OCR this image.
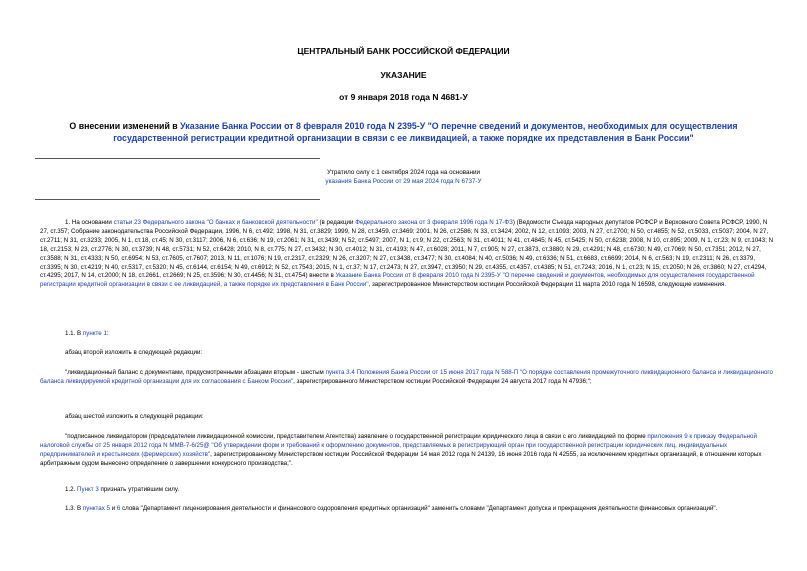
ЦЕНТРАЛЬНЫЙ БАНК РОССИЙСКОЙ ФЕДЕРАЦИИ
УКАЗАНИЕ
от 9 января 2018 года N 4681-У
О внесении изменений в Указание Банка России от 8 февраля 2010 года N 2395-У "О перечне сведений и документов, необходимых для осуществления государственной регистрации кредитной организации в связи с ее ликвидацией, а также порядке их представления в Банк России"
Утратило силу с 1 сентября 2024 года на основании
указания Банка России от 29 мая 2024 года N 6737-У
1. На основании статьи 23 Федерального закона "О банках и банковской деятельности" (в редакции Федерального закона от 3 февраля 1996 года N 17-ФЗ) (Ведомости Съезда народных депутатов РСФСР и Верховного Совета РСФСР, 1990, N 27, ст.357; Собрание законодательства Российской Федерации, 1996, N 6, ст.492; 1998, N 31, ст.3829; 1999, N 28, ст.3459, ст.3469; 2001, N 26, ст.2586; N 33, ст.3424; 2002, N 12, ст.1093; 2003, N 27, ст.2700; N 50, ст.4855; N 52, ст.5033, ст.5037; 2004, N 27, ст.2711; N 31, ст.3233; 2005, N 1, ст.18, ст.45; N 30, ст.3117; 2006, N 6, ст.636; N 19, ст.2061; N 31, ст.3439; N 52, ст.5497; 2007, N 1, ст.9; N 22, ст.2563; N 31, ст.4011; N 41, ст.4845; N 45, ст.5425; N 50, ст.6238; 2008, N 10, ст.895; 2009, N 1, ст.23; N 9, ст.1043; N 18, ст.2153; N 23, ст.2776; N 30, ст.3739; N 48, ст.5731; N 52, ст.6428; 2010, N 8, ст.775; N 27, ст.3432; N 30, ст.4012; N 31, ст.4193; N 47, ст.6028; 2011, N 7, ст.905; N 27, ст.3873, ст.3880; N 29, ст.4291; N 48, ст.6730; N 49, ст.7069; N 50, ст.7351; 2012, N 27, ст.3588; N 31, ст.4333; N 50, ст.6954; N 53, ст.7605, ст.7607; 2013, N 11, ст.1076; N 19, ст.2317, ст.2329; N 26, ст.3207; N 27, ст.3438, ст.3477; N 30, ст.4084; N 40, ст.5036; N 49, ст.6336; N 51, ст.6683, ст.6699; 2014, N 6, ст.563; N 19, ст.2311; N 26, ст.3379, ст.3395; N 30, ст.4219; N 40, ст.5317, ст.5320; N 45, ст.6144, ст.6154; N 49, ст.6912; N 52, ст.7543; 2015, N 1, ст.37; N 17, ст.2473; N 27, ст.3947, ст.3950; N 29, ст.4355, ст.4357, ст.4385; N 51, ст.7243; 2016, N 1, ст.23; N 15, ст.2050; N 26, ст.3860; N 27, ст.4294, ст.4295; 2017, N 14, ст.2000; N 18, ст.2661, ст.2669; N 25, ст.3596; N 30, ст.4456; N 31, ст.4754) внести в Указание Банка России от 8 февраля 2010 года N 2395-У "О перечне сведений и документов, необходимых для осуществления государственной регистрации кредитной организации в связи с ее ликвидацией, а также порядке их представления в Банк России", зарегистрированное Министерством юстиции Российской Федерации 11 марта 2010 года N 16598, следующие изменения.
1.1. В пункте 1:
абзац второй изложить в следующей редакции:
"ликвидационный баланс с документами, предусмотренными абзацами вторым - шестым пункта 3.4 Положения Банка России от 15 июня 2017 года N 588-П "О порядке составления промежуточного ликвидационного баланса и ликвидационного баланса ликвидируемой кредитной организации для их согласования с Банком России", зарегистрированного Министерством юстиции Российской Федерации 24 августа 2017 года N 47936;";
абзац шестой изложить в следующей редакции:
"подписанное ликвидатором (председателем ликвидационной комиссии, представителем Агентства) заявление о государственной регистрации юридического лица в связи с его ликвидацией по форме приложения 9 к приказу Федеральной налоговой службы от 25 января 2012 года N ММВ-7-6/25@ "Об утверждении форм и требований к оформлению документов, представляемых в регистрирующий орган при государственной регистрации юридических лиц, индивидуальных предпринимателей и крестьянских (фермерских) хозяйств", зарегистрированному Министерством юстиции Российской Федерации 14 мая 2012 года N 24139, 16 июня 2016 года N 42555, за исключением кредитных организаций, в отношении которых арбитражным судом вынесено определение о завершении конкурсного производства;".
1.2. Пункт 3 признать утратившим силу.
1.3. В пунктах 5 и 6 слова "Департамент лицензирования деятельности и финансового оздоровления кредитных организаций" заменить словами "Департамент допуска и прекращения деятельности финансовых организаций".
